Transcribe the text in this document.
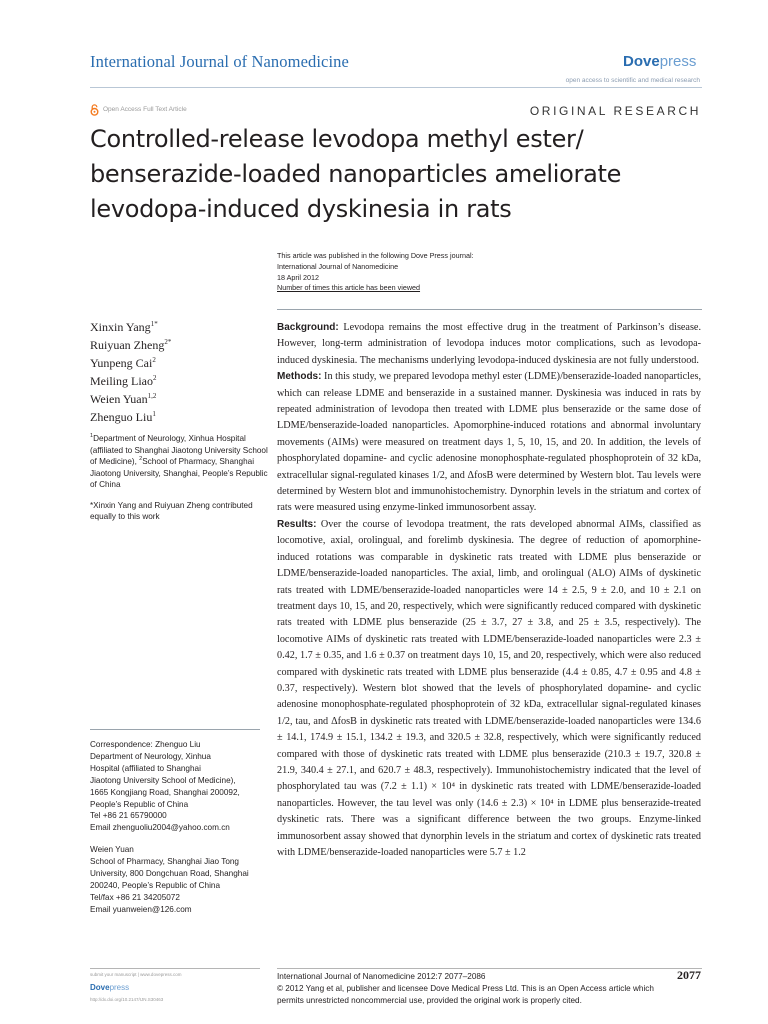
International Journal of Nanomedicine	Dovepress
open access to scientific and medical research
Open Access Full Text Article	ORIGINAL RESEARCH
Controlled-release levodopa methyl ester/ benserazide-loaded nanoparticles ameliorate levodopa-induced dyskinesia in rats
This article was published in the following Dove Press journal:
International Journal of Nanomedicine
18 April 2012
Number of times this article has been viewed
Xinxin Yang$^{1*}$
Ruiyuan Zheng$^{2*}$
Yunpeng Cai$^2$
Meiling Liao$^2$
Weien Yuan$^{1,2}$
Zhenguo Liu$^1$

$^1$Department of Neurology, Xinhua Hospital (affiliated to Shanghai Jiaotong University School of Medicine), $^2$School of Pharmacy, Shanghai Jiaotong University, Shanghai, People’s Republic of China

*Xinxin Yang and Ruiyuan Zheng contributed equally to this work

Correspondence: Zhenguo Liu
Department of Neurology, Xinhua
Hospital (affiliated to Shanghai
Jiaotong University School of Medicine),
1665 Kongjiang Road, Shanghai 200092,
People’s Republic of China
Tel +86 21 65790000
Email zhenguoliu2004@yahoo.com.cn

Weien Yuan
School of Pharmacy, Shanghai Jiao Tong
University, 800 Dongchuan Road, Shanghai
200240, People’s Republic of China
Tel/fax +86 21 34205072
Email yuanweien@126.com

Background: Levodopa remains the most effective drug in the treatment of Parkinson’s disease. However, long-term administration of levodopa induces motor complications, such as levodopa-induced dyskinesia. The mechanisms underlying levodopa-induced dyskinesia are not fully understood.

Methods: In this study, we prepared levodopa methyl ester (LDME)/benserazide-loaded nanoparticles, which can release LDME and benserazide in a sustained manner. Dyskinesia was induced in rats by repeated administration of levodopa then treated with LDME plus benserazide or the same dose of LDME/benserazide-loaded nanoparticles. Apomorphine-induced rotations and abnormal involuntary movements (AIMs) were measured on treatment days 1, 5, 10, 15, and 20. In addition, the levels of phosphorylated dopamine- and cyclic adenosine monophosphate-regulated phosphoprotein of 32 kDa, extracellular signal-regulated kinases 1/2, and ΔfosB were determined by Western blot. Tau levels were determined by Western blot and immunohistochemistry. Dynorphin levels in the striatum and cortex of rats were measured using enzyme-linked immunosorbent assay.

Results: Over the course of levodopa treatment, the rats developed abnormal AIMs, classified as locomotive, axial, orolingual, and forelimb dyskinesia. The degree of reduction of apomorphine-induced rotations was comparable in dyskinetic rats treated with LDME plus benserazide or LDME/benserazide-loaded nanoparticles. The axial, limb, and orolingual (ALO) AIMs of dyskinetic rats treated with LDME/benserazide-loaded nanoparticles were 14 ± 2.5, 9 ± 2.0, and 10 ± 2.1 on treatment days 10, 15, and 20, respectively, which were significantly reduced compared with dyskinetic rats treated with LDME plus benserazide (25 ± 3.7, 27 ± 3.8, and 25 ± 3.5, respectively). The locomotive AIMs of dyskinetic rats treated with LDME/benserazide-loaded nanoparticles were 2.3 ± 0.42, 1.7 ± 0.35, and 1.6 ± 0.37 on treatment days 10, 15, and 20, respectively, which were also reduced compared with dyskinetic rats treated with LDME plus benserazide (4.4 ± 0.85, 4.7 ± 0.95 and 4.8 ± 0.37, respectively). Western blot showed that the levels of phosphorylated dopamine- and cyclic adenosine monophosphate-regulated phosphoprotein of 32 kDa, extracellular signal-regulated kinases 1/2, tau, and ΔfosB in dyskinetic rats treated with LDME/benserazide-loaded nanoparticles were 134.6 ± 14.1, 174.9 ± 15.1, 134.2 ± 19.3, and 320.5 ± 32.8, respectively, which were significantly reduced compared with those of dyskinetic rats treated with LDME plus benserazide (210.3 ± 19.7, 320.8 ± 21.9, 340.4 ± 27.1, and 620.7 ± 48.3, respectively). Immunohistochemistry indicated that the level of phosphorylated tau was (7.2 ± 1.1) × 10⁴ in dyskinetic rats treated with LDME/benserazide-loaded nanoparticles. However, the tau level was only (14.6 ± 2.3) × 10⁴ in LDME plus benserazide-treated dyskinetic rats. There was a significant difference between the two groups. Enzyme-linked immunosorbent assay showed that dynorphin levels in the striatum and cortex of dyskinetic rats treated with LDME/benserazide-loaded nanoparticles were 5.7 ± 1.2

submit your manuscript | www.dovepress.com
Dovepress
http://dx.doi.org/10.2147/IJN.S30463
International Journal of Nanomedicine 2012:7 2077–2086
© 2012 Yang et al, publisher and licensee Dove Medical Press Ltd. This is an Open Access article which permits unrestricted noncommercial use, provided the original work is properly cited.
2077
